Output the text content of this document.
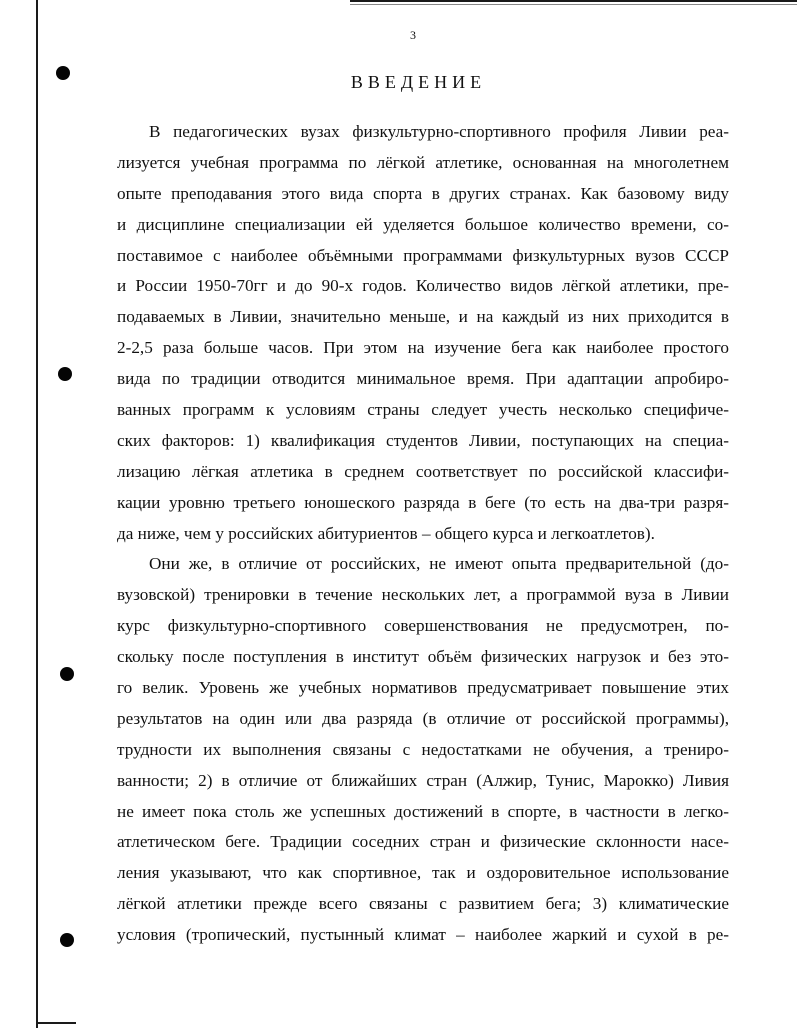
3
ВВЕДЕНИЕ
В педагогических вузах физкультурно-спортивного профиля Ливии реа-
лизуется учебная программа по лёгкой атлетике, основанная на многолетнем
опыте преподавания этого вида спорта в других странах. Как базовому виду
и дисциплине специализации ей уделяется большое количество времени, со-
поставимое с наиболее объёмными программами физкультурных вузов СССР
и России 1950-70гг и до 90-х годов. Количество видов лёгкой атлетики, пре-
подаваемых в Ливии, значительно меньше, и на каждый из них приходится в
2-2,5 раза больше часов. При этом на изучение бега как наиболее простого
вида по традиции отводится минимальное время. При адаптации апробиро-
ванных программ к условиям страны следует учесть несколько специфиче-
ских факторов: 1) квалификация студентов Ливии, поступающих на специа-
лизацию лёгкая атлетика в среднем соответствует по российской классифи-
кации уровню третьего юношеского разряда в беге (то есть на два-три разря-
да ниже, чем у российских абитуриентов – общего курса и легкоатлетов).
Они же, в отличие от российских, не имеют опыта предварительной (до-
вузовской) тренировки в течение нескольких лет, а программой вуза в Ливии
курс физкультурно-спортивного совершенствования не предусмотрен, по-
скольку после поступления в институт объём физических нагрузок и без это-
го велик. Уровень же учебных нормативов предусматривает повышение этих
результатов на один или два разряда (в отличие от российской программы),
трудности их выполнения связаны с недостатками не обучения, а трениро-
ванности; 2) в отличие от ближайших стран (Алжир, Тунис, Марокко) Ливия
не имеет пока столь же успешных достижений в спорте, в частности в легко-
атлетическом беге. Традиции соседних стран и физические склонности насе-
ления указывают, что как спортивное, так и оздоровительное использование
лёгкой атлетики прежде всего связаны с развитием бега; 3) климатические
условия (тропический, пустынный климат – наиболее жаркий и сухой в ре-
